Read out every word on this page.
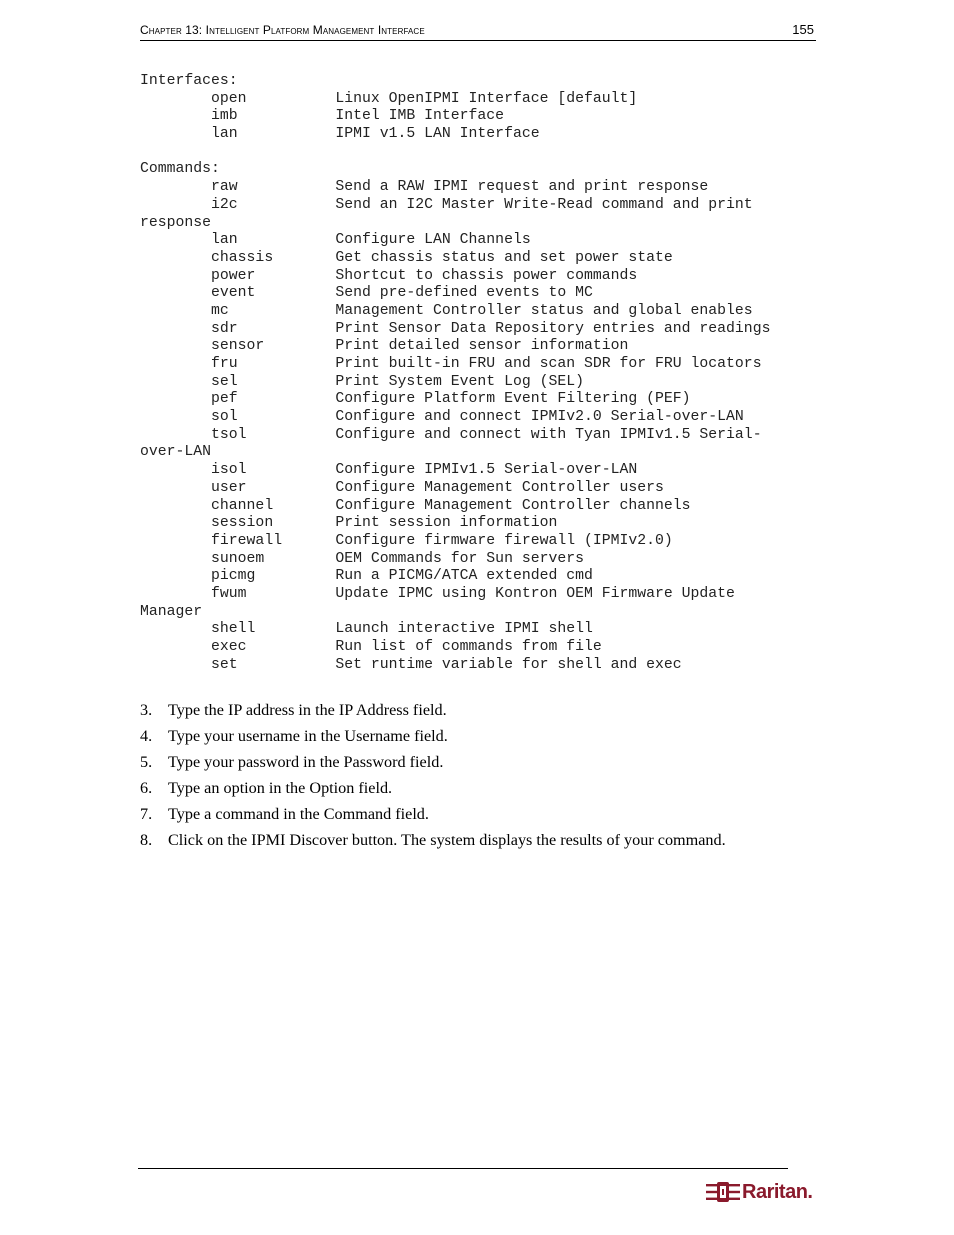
Chapter 13: Intelligent Platform Management Interface	155
Interfaces:
open          Linux OpenIPMI Interface [default]
imb           Intel IMB Interface
lan           IPMI v1.5 LAN Interface
Commands:
raw           Send a RAW IPMI request and print response
i2c           Send an I2C Master Write-Read command and print
response
lan           Configure LAN Channels
chassis       Get chassis status and set power state
power         Shortcut to chassis power commands
event         Send pre-defined events to MC
mc            Management Controller status and global enables
sdr           Print Sensor Data Repository entries and readings
sensor        Print detailed sensor information
fru           Print built-in FRU and scan SDR for FRU locators
sel           Print System Event Log (SEL)
pef           Configure Platform Event Filtering (PEF)
sol           Configure and connect IPMIv2.0 Serial-over-LAN
tsol          Configure and connect with Tyan IPMIv1.5 Serial-
over-LAN
isol          Configure IPMIv1.5 Serial-over-LAN
user          Configure Management Controller users
channel       Configure Management Controller channels
session       Print session information
firewall      Configure firmware firewall (IPMIv2.0)
sunoem        OEM Commands for Sun servers
picmg         Run a PICMG/ATCA extended cmd
fwum          Update IPMC using Kontron OEM Firmware Update
Manager
shell         Launch interactive IPMI shell
exec          Run list of commands from file
set           Set runtime variable for shell and exec
3. Type the IP address in the IP Address field.
4. Type your username in the Username field.
5. Type your password in the Password field.
6. Type an option in the Option field.
7. Type a command in the Command field.
8. Click on the IPMI Discover button. The system displays the results of your command.
Raritan.
